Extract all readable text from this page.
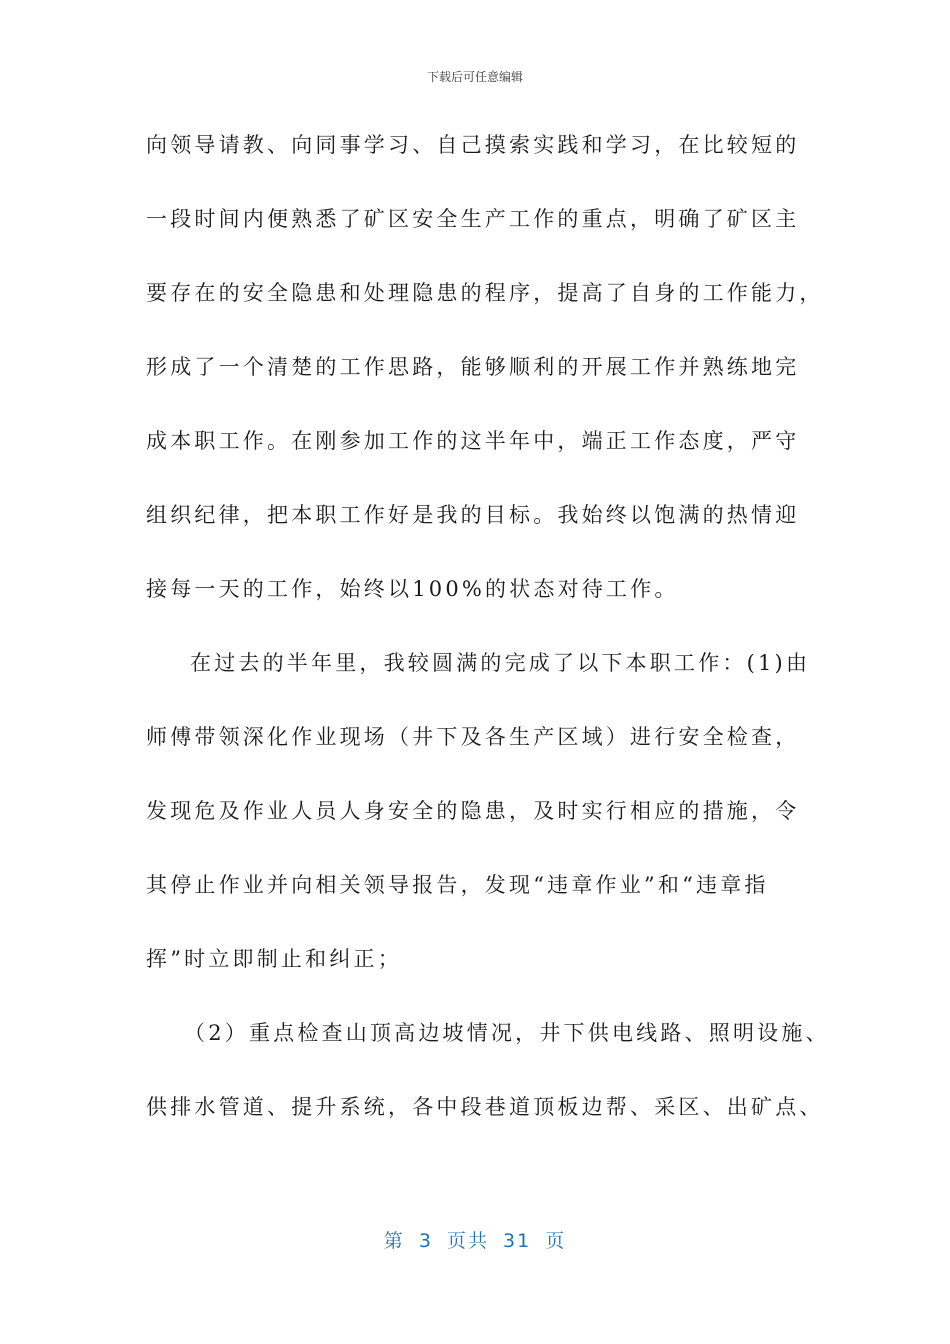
下载后可任意编辑
向领导请教、向同事学习、自己摸索实践和学习，在比较短的
一段时间内便熟悉了矿区安全生产工作的重点，明确了矿区主
要存在的安全隐患和处理隐患的程序，提高了自身的工作能力，
形成了一个清楚的工作思路，能够顺利的开展工作并熟练地完
成本职工作。在刚参加工作的这半年中，端正工作态度，严守
组织纪律，把本职工作好是我的目标。我始终以饱满的热情迎
接每一天的工作，始终以100%的状态对待工作。
在过去的半年里，我较圆满的完成了以下本职工作：(1)由
师傅带领深化作业现场（井下及各生产区域）进行安全检查，
发现危及作业人员人身安全的隐患，及时实行相应的措施，令
其停止作业并向相关领导报告，发现“违章作业”和“违章指
挥”时立即制止和纠正；
（2）重点检查山顶高边坡情况，井下供电线路、照明设施、
供排水管道、提升系统，各中段巷道顶板边帮、采区、出矿点、
第 3 页共 31 页
